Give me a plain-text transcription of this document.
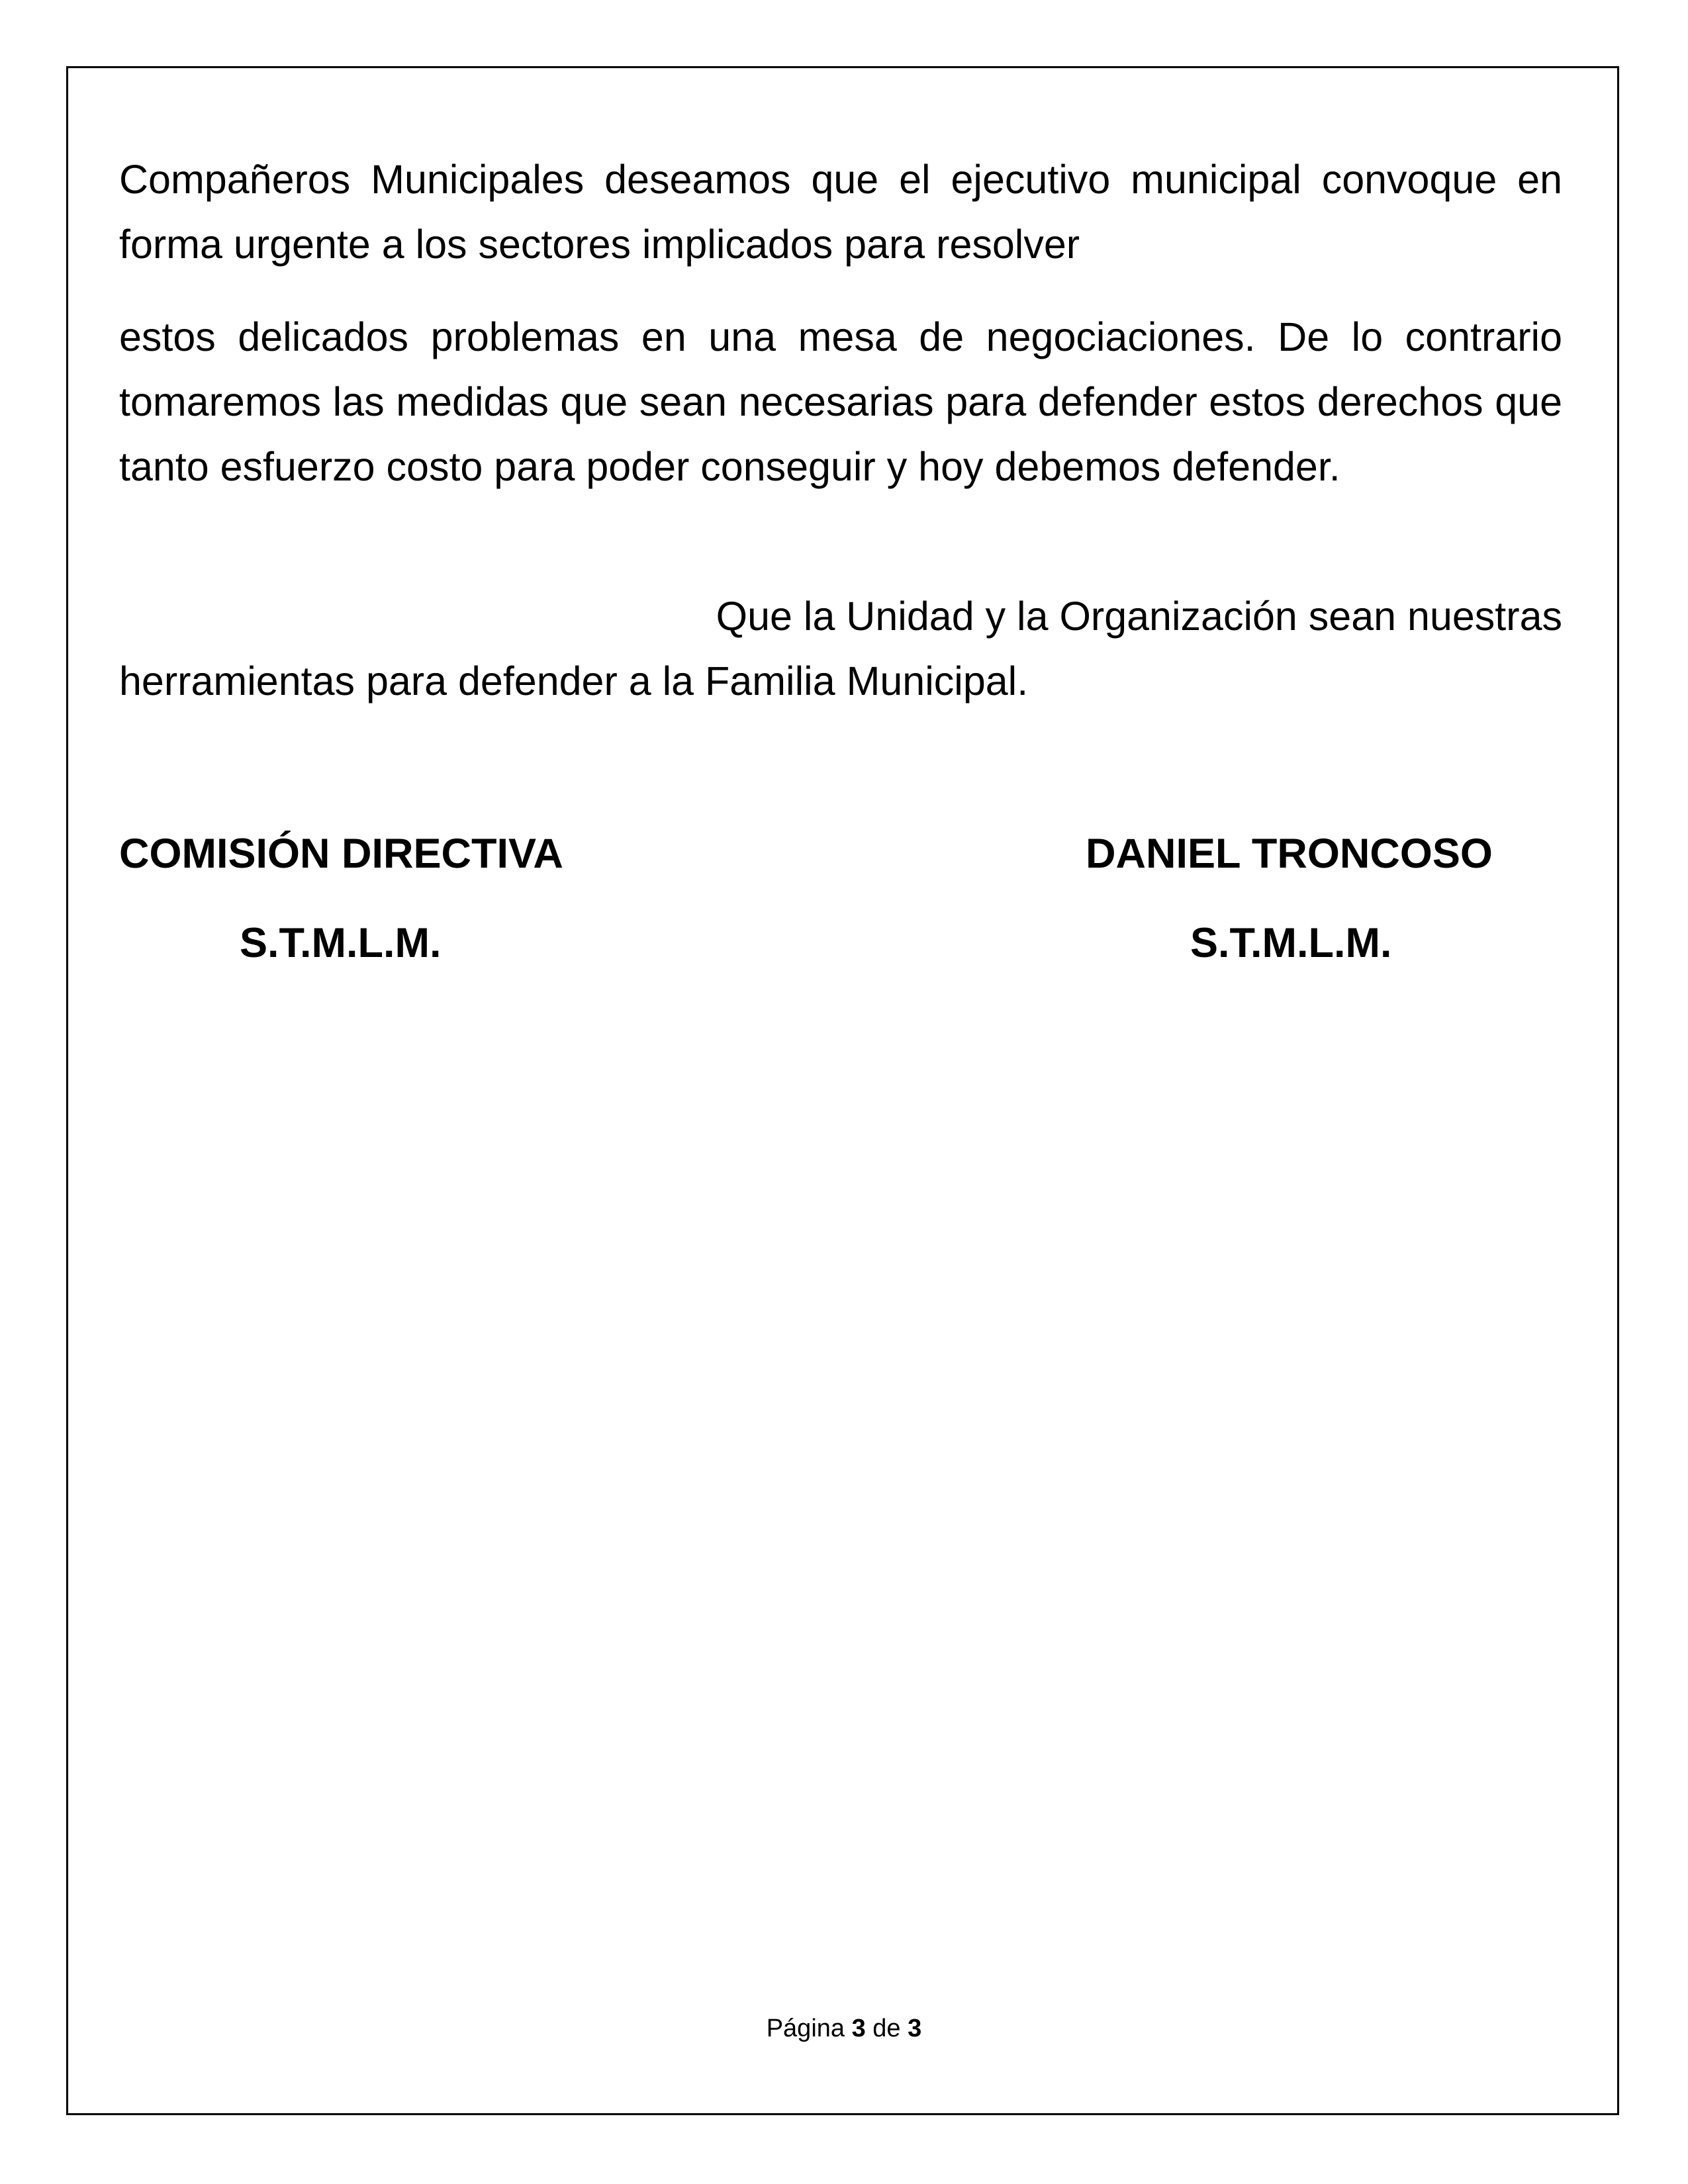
Compañeros Municipales deseamos que el ejecutivo municipal convoque en forma urgente a los sectores implicados para resolver

estos delicados problemas en una mesa de negociaciones. De lo contrario tomaremos las medidas que sean necesarias para defender estos derechos que tanto esfuerzo costo para poder conseguir y hoy debemos defender.

Que la Unidad y la Organización sean nuestras
herramientas para defender a la Familia Municipal.

COMISIÓN DIRECTIVA

S.T.M.L.M.

DANIEL TRONCOSO

S.T.M.L.M.

Página 3 de 3
